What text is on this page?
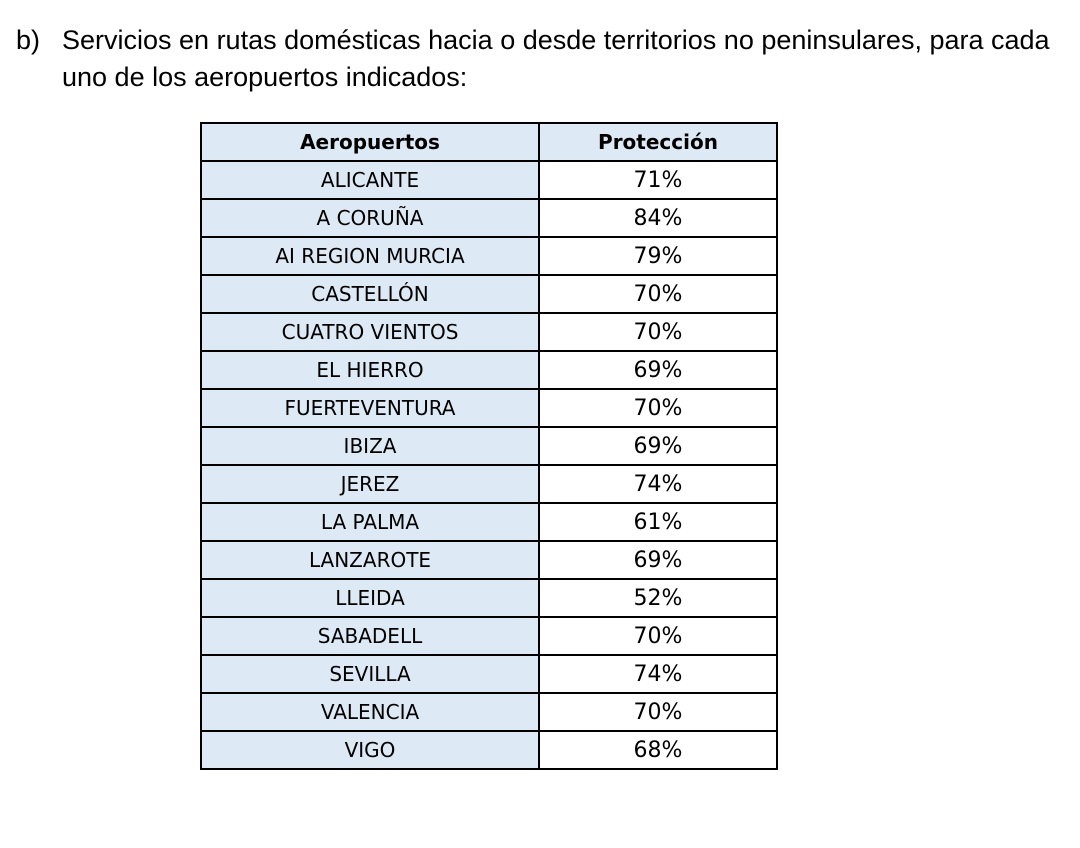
b) Servicios en rutas domésticas hacia o desde territorios no peninsulares, para cada uno de los aeropuertos indicados:
Aeropuertos	Protección
ALICANTE	71%
A CORUÑA	84%
AI REGION MURCIA	79%
CASTELLÓN	70%
CUATRO VIENTOS	70%
EL HIERRO	69%
FUERTEVENTURA	70%
IBIZA	69%
JEREZ	74%
LA PALMA	61%
LANZAROTE	69%
LLEIDA	52%
SABADELL	70%
SEVILLA	74%
VALENCIA	70%
VIGO	68%
